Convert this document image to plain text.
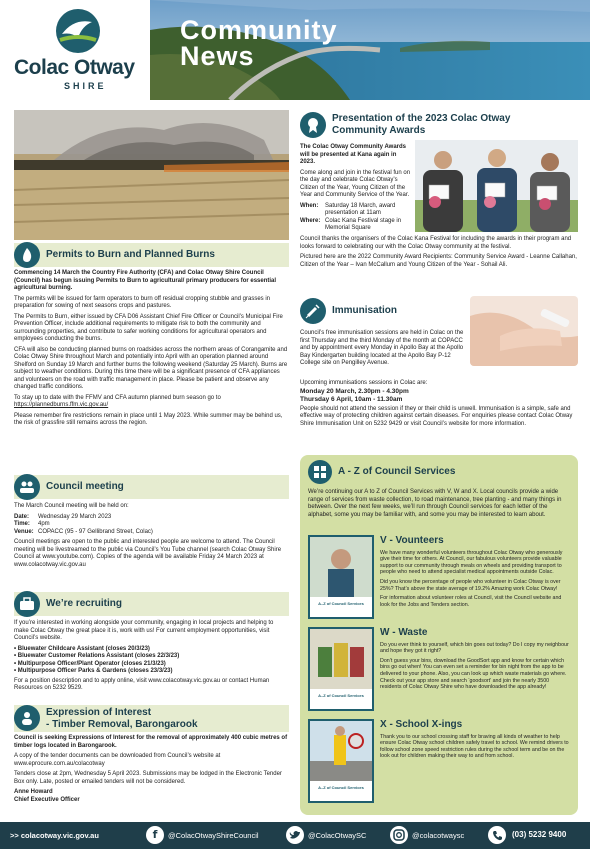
Colac Otway
SHIRE
Community
News
Permits to Burn and Planned Burns

Commencing 14 March the Country Fire Authority (CFA) and Colac Otway Shire Council (Council) has begun issuing Permits to Burn to agricultural/ primary producers for essential agricultural burning.

The permits will be issued for farm operators to burn off residual cropping stubble and grasses in preparation for sowing of next seasons crops and pastures.

The Permits to Burn, either issued by CFA D06 Assistant Chief Fire Officer or Council’s Municipal Fire Prevention Officer, include additional requirements to mitigate risk to both the community and surrounding properties, and contribute to safer working conditions for agricultural operators and employees conducting the burns.

CFA will also be conducting planned burns on roadsides across the northern areas of Corangamite and Colac Otway Shire throughout March and potentially into April with an operation planned around Shelford on Sunday 19 March and further burns the following weekend (Saturday 25 March). Burns are subject to weather conditions. During this time there will be a significant presence of CFA appliances and volunteers on the road with traffic management in place. Please be patient and observe any changed traffic conditions.

To stay up to date with the FFMV and CFA autumn planned burn season go to https://plannedburns.ffm.vic.gov.au/

Please remember fire restrictions remain in place until 1 May 2023. While summer may be behind us, the risk of grassfire still remains across the region.

Council meeting

The March Council meeting will be held on:

Date: Wednesday 29 March 2023
Time: 4pm

Venue: COPACC (95 - 97 Gellibrand Street, Colac)

Council meetings are open to the public and interested people are welcome to attend. The Council meeting will be livestreamed to the public via Council’s You Tube channel (search Colac Otway Shire Council at www.youtube.com). Copies of the agenda will be available Friday 24 March 2023 at www.colacotway.vic.gov.au

We’re recruiting

If you’re interested in working alongside your community, engaging in local projects and helping to make Colac Otway the great place it is, work with us! For current employment opportunities, visit Council’s website.

• Bluewater Childcare Assistant (closes 20/3/23)
• Bluewater Customer Relations Assistant (closes 22/3/23)
• Multipurpose Officer/Plant Operator (closes 21/3/23)
• Multipurpose Officer Parks & Gardens (closes 23/3/23)

For a position description and to apply online, visit www.colacotway.vic.gov.au or contact Human Resources on 5232 9529.

Expression of Interest
- Timber Removal, Barongarook

Council is seeking Expressions of Interest for the removal of approximately 400 cubic metres of timber logs located in Barongarook.

A copy of the tender documents can be downloaded from Council’s website at www.eprocure.com.au/colacotway

Tenders close at 2pm, Wednesday 5 April 2023. Submissions may be lodged in the Electronic Tender Box only. Late, posted or emailed tenders will not be considered.

Anne Howard
Chief Executive Officer
Presentation of the 2023 Colac Otway
Community Awards

The Colac Otway Community Awards will be presented at Kana again in 2023.

Come along and join in the festival fun on the day and celebrate Colac Otway’s Citizen of the Year, Young Citizen of the Year and Community Service of the Year.

When:	Saturday 18 March, award presentation at 11am
Where: Colac Kana Festival stage in Memorial Square

Council thanks the organisers of the Colac Kana Festival for including the awards in their program and looks forward to celebrating our with the Colac Otway community at the festival.

Pictured here are the 2022 Community Award Recipients: Community Service Award - Leanne Callahan, Citizen of the Year – Ivan McCallum and Young Citizen of the Year - Sohail Ali.

Immunisation

Council’s free immunisation sessions are held in Colac on the first Thursday and the third Monday of the month at COPACC and by appointment every Monday in Apollo Bay at the Apollo Bay Kindergarten building located at the Apollo Bay P-12 College site on Pengilley Avenue.

Upcoming immunisations sessions in Colac are:
Monday 20 March, 2.30pm - 4.30pm
Thursday 6 April, 10am - 11.30am

People should not attend the session if they or their child is unwell. Immunisation is a simple, safe and effective way of protecting children against certain diseases. For enquiries please contact Colac Otway Shire Immunisation Unit on 5232 9429 or visit Council’s website for more information.

A - Z of Council Services
We’re continuing our A to Z of Council Services with V, W and X. Local councils provide a wide range of services from waste collection, to road maintenance, tree planting - and many things in between. Over the next few weeks, we’ll run through Council services for each letter of the alphabet, some you may be familiar with, and some you may be interested to learn about.
A–Z of Council Services
V - Vounteers

We have many wonderful volunteers throughout Colac Otway who generously give their time for others. At Council, our fabulous volunteers provide valuable support to our community through meals on wheels and providing transport to people who need to attend specialist medical appointments outside Colac.

Did you know the percentage of people who volunteer in Colac Otway is over 25%? That’s above the state average of 19.2% Amazing work Colac Otway!

For information about volunteer roles at Council, visit the Council website and look for the Jobs and Tenders section.

A–Z of Council Services
W - Waste

Do you ever think to yourself, which bin goes out today? Do I copy my neighbour and hope they got it right?

Don’t guess your bins, download the GoodSort app and know for certain which bins go out when! You can even set a reminder for bin night from the app to be delivered to your phone. Also, you can look up which waste materials go where. Check out your app store and search ‘goodsort’ and join the nearly 3500 residents of Colac Otway Shire who have downloaded the app already!

A–Z of Council Services
X - School X-ings
Thank you to our school crossing staff for braving all kinds of weather to help ensure Colac Otway school children safely travel to school. We remind drivers to follow school zone speed restriction rules during the school term and be on the look out for children making their way to and from school.
>> colacotway.vic.gov.au	f @ColacOtwayShireCouncil	@ColacOtwaySC	@colacotwaysc	(03) 5232 9400
